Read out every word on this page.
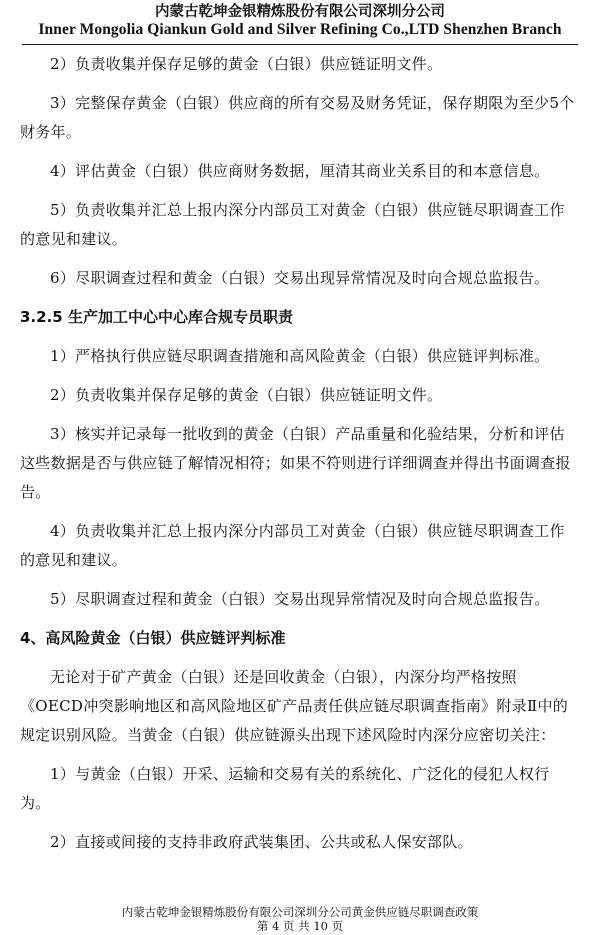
内蒙古乾坤金银精炼股份有限公司深圳分公司
Inner Mongolia Qiankun Gold and Silver Refining Co.,LTD Shenzhen Branch

2）负责收集并保存足够的黄金（白银）供应链证明文件。

3）完整保存黄金（白银）供应商的所有交易及财务凭证，保存期限为至少5个财务年。

4）评估黄金（白银）供应商财务数据，厘清其商业关系目的和本意信息。

5）负责收集并汇总上报内深分内部员工对黄金（白银）供应链尽职调查工作的意见和建议。

6）尽职调查过程和黄金（白银）交易出现异常情况及时向合规总监报告。

3.2.5 生产加工中心中心库合规专员职责

1）严格执行供应链尽职调查措施和高风险黄金（白银）供应链评判标准。

2）负责收集并保存足够的黄金（白银）供应链证明文件。

3）核实并记录每一批收到的黄金（白银）产品重量和化验结果，分析和评估这些数据是否与供应链了解情况相符；如果不符则进行详细调查并得出书面调查报告。

4）负责收集并汇总上报内深分内部员工对黄金（白银）供应链尽职调查工作的意见和建议。

5）尽职调查过程和黄金（白银）交易出现异常情况及时向合规总监报告。

4、高风险黄金（白银）供应链评判标准

无论对于矿产黄金（白银）还是回收黄金（白银），内深分均严格按照《OECD冲突影响地区和高风险地区矿产品责任供应链尽职调查指南》附录Ⅱ中的规定识别风险。当黄金（白银）供应链源头出现下述风险时内深分应密切关注：

1）与黄金（白银）开采、运输和交易有关的系统化、广泛化的侵犯人权行为。

2）直接或间接的支持非政府武装集团、公共或私人保安部队。

内蒙古乾坤金银精炼股份有限公司深圳分公司黄金供应链尽职调查政策
第 4 页 共 10 页
